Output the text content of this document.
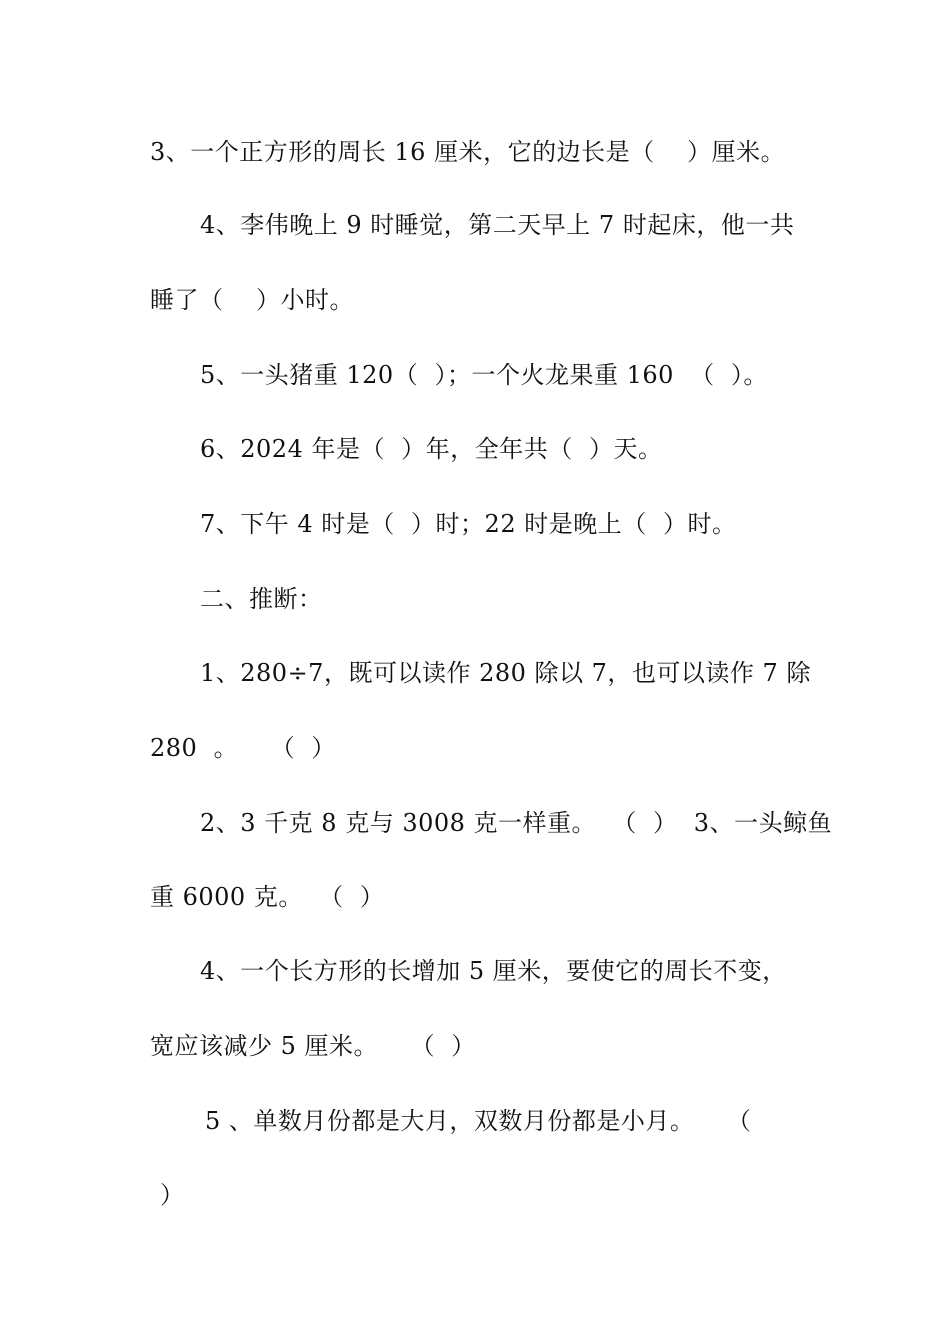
3、一个正方形的周长 16 厘米，它的边长是（    ）厘米。
4、李伟晚上 9 时睡觉，第二天早上 7 时起床，他一共
睡了（    ）小时。
5、一头猪重 120（  ）；一个火龙果重 160  （  ）。
6、2024 年是（  ）年，全年共（  ）天。
7、下午 4 时是（  ）时；22 时是晚上（  ）时。
二、推断：
1、280÷7，既可以读作 280 除以 7，也可以读作 7 除
280  。    （  ）
2、3 千克 8 克与 3008 克一样重。  （  ）  3、一头鲸鱼
重 6000 克。  （  ）
4、一个长方形的长增加 5 厘米，要使它的周长不变，
宽应该减少 5 厘米。    （  ）
5 、单数月份都是大月，双数月份都是小月。    （
）
